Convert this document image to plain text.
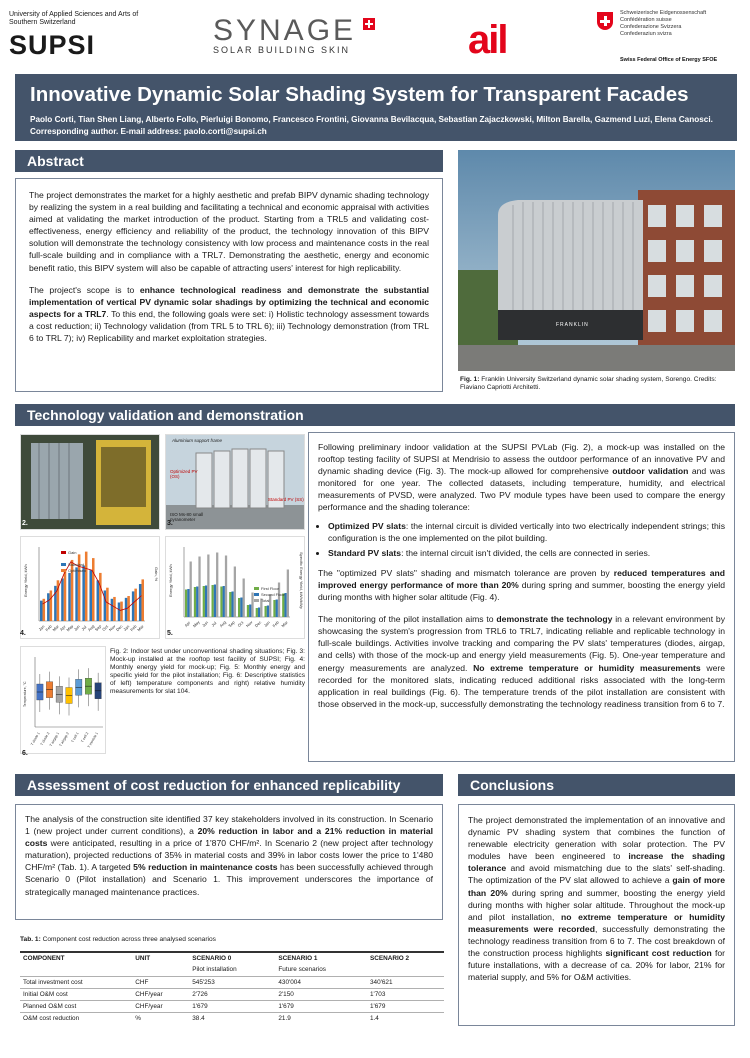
University of Applied Sciences and Arts of Southern Switzerland
SUPSI	SYNAGE
SOLAR BUILDING SKIN	ail
Schweizerische Eidgenossenschaft
Confédération suisse
Confederazione Svizzera
Confederaziun svizra
Swiss Federal Office of Energy SFOE
Innovative Dynamic Solar Shading System for Transparent Facades
Paolo Corti, Tian Shen Liang, Alberto Follo, Pierluigi Bonomo, Francesco Frontini, Giovanna Bevilacqua, Sebastian Zajaczkowski, Milton Barella, Gazmend Luzi, Elena Canosci. Corresponding author. E-mail address: paolo.corti@supsi.ch
Abstract

The project demonstrates the market for a highly aesthetic and prefab BIPV dynamic shading technology by realizing the system in a real building and facilitating a technical and economic appraisal with activities aimed at validating the market introduction of the product. Starting from a TRL5 and validating cost-effectiveness, energy efficiency and reliability of the product, the technology innovation of this BIPV solution will demonstrate the technology consistency with low process and maintenance costs in the real full-scale building and in compliance with a TRL7. Demonstrating the aesthetic, energy and economic benefit ratio, this BIPV system will also be capable of attracting users' interest for high replicability.

The project's scope is to enhance technological readiness and demonstrate the substantial implementation of vertical PV dynamic solar shadings by optimizing the technical and economic aspects for a TRL7. To this end, the following goals were set: i) Holistic technology assessment towards a cost reduction; ii) Technology validation (from TRL 5 to TRL 6); iii) Technology demonstration (from TRL 6 to TRL 7); iv) Replicability and market exploitation strategies.

FRANKLIN
Fig. 1: Franklin University Switzerland dynamic solar shading system, Sorengo. Credits: Flaviano Capriotti Architetti.
Technology validation and demonstration
2.
Aluminium support frame
Optimized PV (OS)
Standard PV (SS)
ISO Ms-80 small pyranometer
3.
Jan
Feb
Mar
Apr
May
Jun Jul Aug
Sep
Oct
Nov
Dec
Jan
Feb
Mar
Energy Yield, kWh	Gain, %
Standard
Optimised
Gain
4.
Apr May Jun Jul Aug Sep Oct Nov Dec Jan Feb Mar
Energy Yield, kWh	Specific Energy Yield, kWh/kWp
First Floor
Second Floor
Total
5.
T diode 1
T diode 2
T airgap 1
T airgap 2 T cell 1 T cell 2
T module 1
Temperature, °C
6.
Fig. 2: Indoor test under unconventional shading situations; Fig. 3: Mock-up installed at the rooftop test facility of SUPSI; Fig. 4: Monthly energy yield for mock-up; Fig. 5: Monthly energy and specific yield for the pilot installation; Fig. 6: Descriptive statistics of left) temperature components and right) relative humidity measurements for slat 104.

Following preliminary indoor validation at the SUPSI PVLab (Fig. 2), a mock-up was installed on the rooftop testing facility of SUPSI at Mendrisio to assess the outdoor performance of an innovative PV and dynamic shading device (Fig. 3). The mock-up allowed for comprehensive outdoor validation and was monitored for one year. The collected datasets, including temperature, humidity, and electrical measurements of PVSD, were analyzed. Two PV module types have been used to compare the energy performance and the shading tolerance:

• Optimized PV slats: the internal circuit is divided vertically into two electrically independent strings; this configuration is the one implemented on the pilot building.
• Standard PV slats: the internal circuit isn't divided, the cells are connected in series.

The "optimized PV slats" shading and mismatch tolerance are proven by reduced temperatures and improved energy performance of more than 20% during spring and summer, boosting the energy yield during months with higher solar altitude (Fig. 4).

The monitoring of the pilot installation aims to demonstrate the technology in a relevant environment by showcasing the system's progression from TRL6 to TRL7, indicating reliable and replicable technology in full-scale buildings. Activities involve tracking and comparing the PV slats' temperatures (diodes, airgap, and cells) with those of the mock-up and energy yield measurements (Fig. 5). One-year temperature and energy measurements are analyzed. No extreme temperature or humidity measurements were recorded for the monitored slats, indicating reduced additional risks associated with the long-term application in real buildings (Fig. 6). The temperature trends of the pilot installation are consistent with those observed in the mock-up, successfully demonstrating the technology readiness transition from 6 to 7.

Assessment of cost reduction for enhanced replicability

The analysis of the construction site identified 37 key stakeholders involved in its construction. In Scenario 1 (new project under current conditions), a 20% reduction in labor and a 21% reduction in material costs were anticipated, resulting in a price of 1'870 CHF/m². In Scenario 2 (new project after technology maturation), projected reductions of 35% in material costs and 39% in labor costs lower the price to 1'480 CHF/m² (Tab. 1). A targeted 5% reduction in maintenance costs has been successfully achieved through Scenario 0 (Pilot installation) and Scenario 1. This improvement underscores the importance of strategically managed maintenance practices.

Tab. 1: Component cost reduction across three analysed scenarios
COMPONENT	UNIT	SCENARIO 0	SCENARIO 1	SCENARIO 2
		Pilot installation	Future scenarios	
Total investment cost	CHF	545'253	430'004	340'621
Initial O&M cost	CHF/year	2'726	2'150	1'703
Planned O&M cost	CHF/year	1'679	1'679	1'679
O&M cost reduction	%	38.4	21.9	1.4
Conclusions

The project demonstrated the implementation of an innovative and dynamic PV shading system that combines the function of renewable electricity generation with solar protection. The PV modules have been engineered to increase the shading tolerance and avoid mismatching due to the slats' self-shading. The optimization of the PV slat allowed to achieve a gain of more than 20% during spring and summer, boosting the energy yield during months with higher solar altitude. Throughout the mock-up and pilot installation, no extreme temperature or humidity measurements were recorded, successfully demonstrating the technology readiness transition from 6 to 7. The cost breakdown of the construction process highlights significant cost reduction for future installations, with a decrease of ca. 20% for labor, 21% for material supply, and 5% for O&M activities.
